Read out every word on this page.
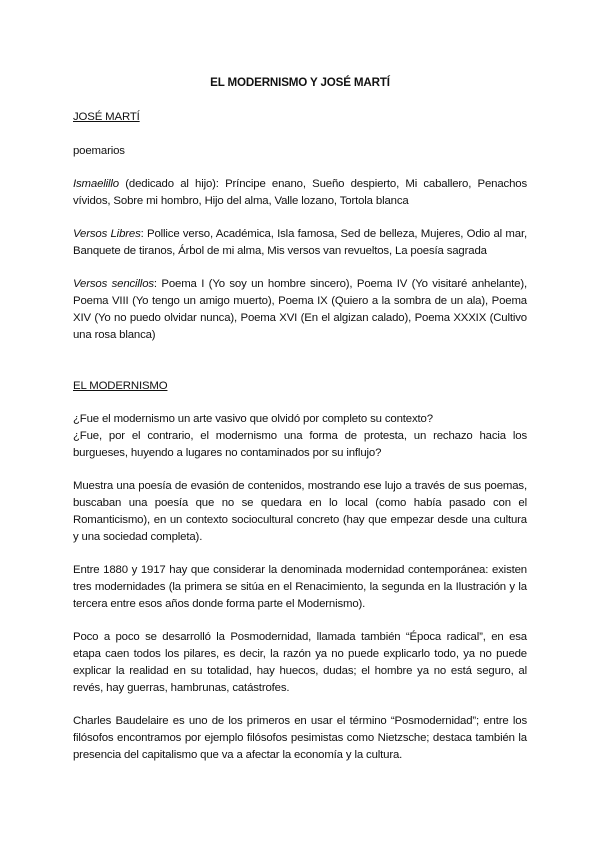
EL MODERNISMO Y JOSÉ MARTÍ

JOSÉ MARTÍ

poemarios

Ismaelillo (dedicado al hijo): Príncipe enano, Sueño despierto, Mi caballero, Penachos vívidos, Sobre mi hombro, Hijo del alma, Valle lozano, Tortola blanca

Versos Libres: Pollice verso, Académica, Isla famosa, Sed de belleza, Mujeres, Odio al mar, Banquete de tiranos, Árbol de mi alma, Mis versos van revueltos, La poesía sagrada

Versos sencillos: Poema I (Yo soy un hombre sincero), Poema IV (Yo visitaré anhelante), Poema VIII (Yo tengo un amigo muerto), Poema IX (Quiero a la sombra de un ala), Poema XIV (Yo no puedo olvidar nunca), Poema XVI (En el algizan calado), Poema XXXIX (Cultivo una rosa blanca)

EL MODERNISMO

¿Fue el modernismo un arte vasivo que olvidó por completo su contexto?

¿Fue, por el contrario, el modernismo una forma de protesta, un rechazo hacia los burgueses, huyendo a lugares no contaminados por su influjo?

Muestra una poesía de evasión de contenidos, mostrando ese lujo a través de sus poemas, buscaban una poesía que no se quedara en lo local (como había pasado con el Romanticismo), en un contexto sociocultural concreto (hay que empezar desde una cultura y una sociedad completa).

Entre 1880 y 1917 hay que considerar la denominada modernidad contemporánea: existen tres modernidades (la primera se sitúa en el Renacimiento, la segunda en la Ilustración y la tercera entre esos años donde forma parte el Modernismo).

Poco a poco se desarrolló la Posmodernidad, llamada también “Época radical”, en esa etapa caen todos los pilares, es decir, la razón ya no puede explicarlo todo, ya no puede explicar la realidad en su totalidad, hay huecos, dudas; el hombre ya no está seguro, al revés, hay guerras, hambrunas, catástrofes.

Charles Baudelaire es uno de los primeros en usar el término “Posmodernidad”; entre los filósofos encontramos por ejemplo filósofos pesimistas como Nietzsche; destaca también la presencia del capitalismo que va a afectar la economía y la cultura.
